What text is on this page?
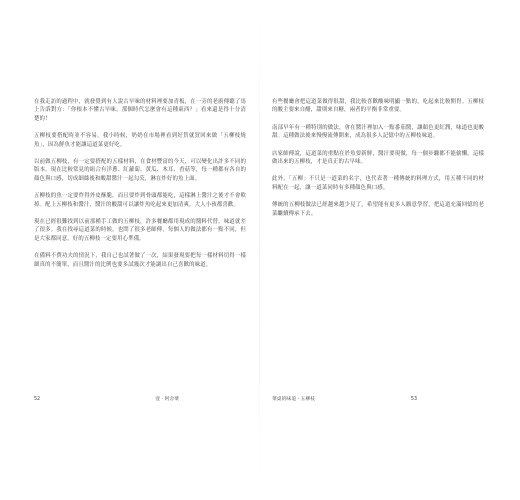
在我走訪的過程中，就發覺到有人說古早味的材料裡要加青板，在一旁的老廚傳聽了馬上告訴對方：「你根本不懂古早味，那個時代怎麼會有這種東西？」看來還是得十分清楚的！

五柳枝要搭配時並不容易。我小時候，奶奶在市場裡看到好貨就買回來做「五柳枝燒魚」，因為鮮魚才能讓這道菜更好吃。

以前做五柳枝，有一定要搭配的五樣材料，在食材豐富的今天，可以變化出許多不同的版本。現在比較常見的組合有洋蔥、紅蘿蔔、黃瓜、木耳、香菇等，每一種都有各自的顏色與口感，切成細絲後和酸甜醬汁一起勾芡，淋在炸好的魚上面。

五柳枝的魚一定要炸得外皮酥脆，而且要炸到骨頭都能吃，這樣淋上醬汁之後才不會軟掉。配上五柳枝和醬汁，醬汁的酸甜可以讓炸魚吃起來更加清爽，大人小孩都喜歡。

現在已經很難找到以前那種手工做的五柳枝，許多餐廳都用現成的醬料代替，味道就差了很多。我在找尋這道菜的時候，也問了很多老師傅，每個人的做法都有一點不同，但是大家都同意，好的五柳枝一定要用心準備。

在備料不費功夫的情況下，我自己也試著做了一次，結果發現要把每一樣材料切得一樣細真的不簡單，而且醬汁的比例也要多試幾次才能調出自己喜歡的味道。

有些餐廳會把這道菜做得很甜，我比較喜歡酸味明顯一點的，吃起來比較開胃。五柳枝的酸主要來自醋，甜則來自糖，兩者的平衡非常重要。

南部早年有一種特別的做法，會在醬汁裡加入一點番茄醬，讓顏色更紅潤，味道也更酸甜。這種做法後來慢慢流傳開來，成為很多人記憶中的五柳枝味道。

店家師傅說，這道菜的重點在於魚要新鮮，醬汁要現做，每一個步驟都不能偷懶。這樣做出來的五柳枝，才是真正的古早味。

此外，「五柳」不只是一道菜的名字，也代表著一種傳統的料理方式，用五種不同的材料配在一起，讓一道菜同時有多種顏色與口感。

傳統的五柳枝做法已經越來越少見了，希望能有更多人願意學習，把這道充滿回憶的老菜繼續傳承下去。

52　　　　　　　　　　　　　　　　　　　　　　　　壹 · 阿舍菜	菜桌的味道 · 五柳枝　　　　　　　　　　　　　　　　　　　　53
